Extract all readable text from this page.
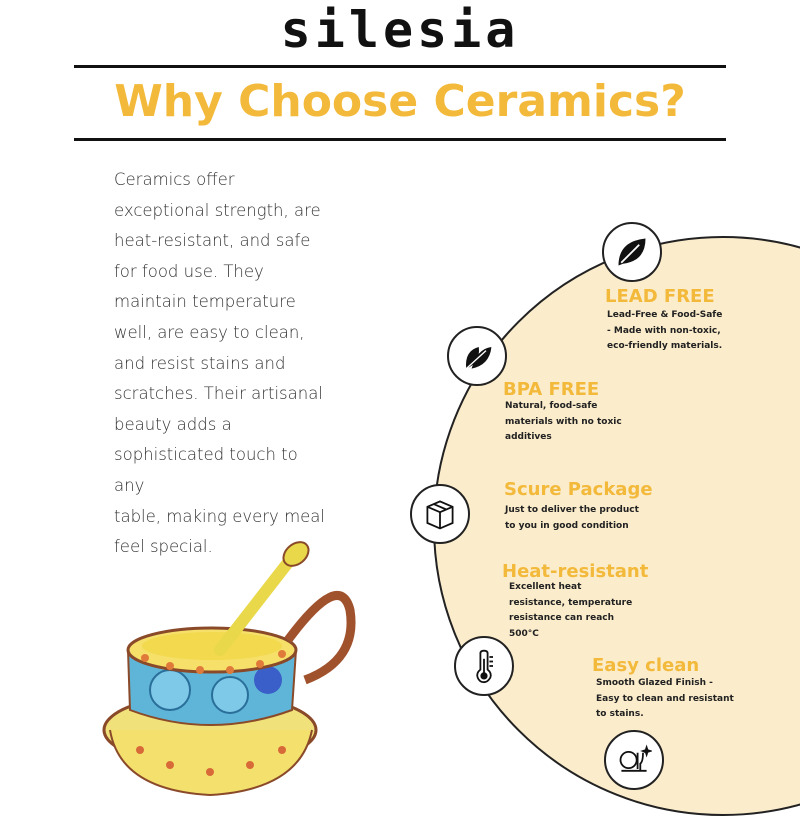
silesia
Why Choose Ceramics?
Ceramics offer
exceptional strength, are
heat-resistant, and safe
for food use. They
maintain temperature
well, are easy to clean,
and resist stains and
scratches. Their artisanal
beauty adds a
sophisticated touch to any
table, making every meal
feel special.
LEAD FREE
Lead-Free & Food-Safe
- Made with non-toxic,
eco-friendly materials.
BPA FREE
Natural, food-safe
materials with no toxic
additives
Scure Package
Just to deliver the product
to you in good condition
Heat-resistant
Excellent heat
resistance, temperature
resistance can reach
500°C
Easy clean
Smooth Glazed Finish -
Easy to clean and resistant
to stains.
